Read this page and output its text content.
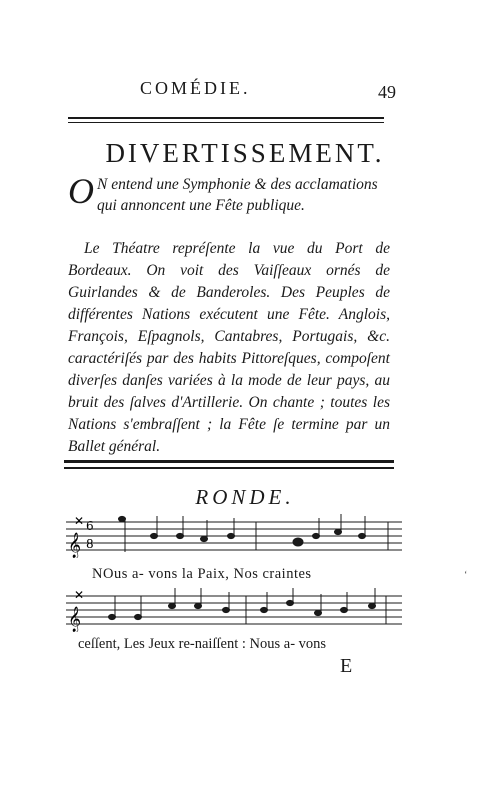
COMÉDIE.	49
DIVERTISSEMENT.
O N entend une Symphonie & des acclamations qui annoncent une Fête publique.
Le Théatre repréſente la vue du Port de Bordeaux. On voit des Vaiſſeaux ornés de Guirlandes & de Banderoles. Des Peuples de différentes Nations exécutent une Fête. Anglois, François, Eſpagnols, Cantabres, Portugais, &c. caractériſés par des habits Pittoreſques, compoſent diverſes danſes variées à la mode de leur pays, au bruit des ſalves d'Artillerie. On chante ; toutes les Nations s'embraſſent ; la Fête ſe termine par un Ballet général.
RONDE.
𝄞
✕ 6
8
NOus a- vons la Paix, Nos craintes
𝄞
✕
ceſſent, Les Jeux re-naiſſent : Nous a- vons
E
‘
